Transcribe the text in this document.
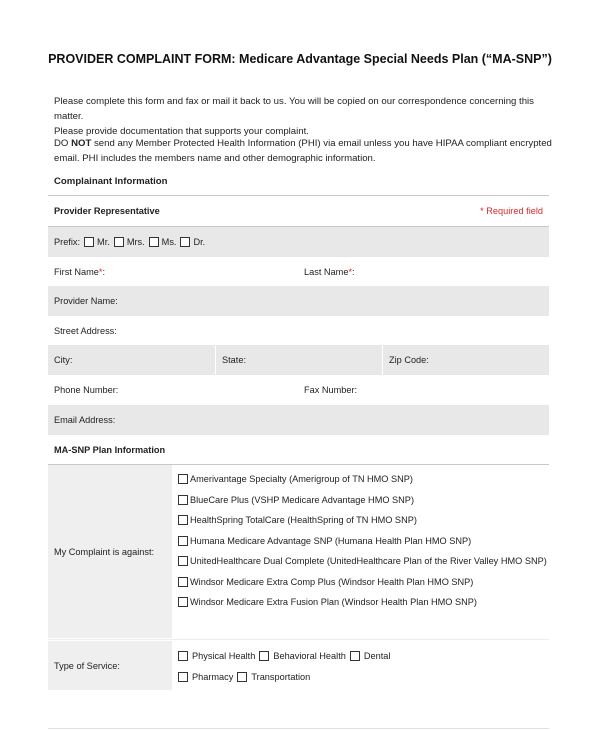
PROVIDER COMPLAINT FORM: Medicare Advantage Special Needs Plan (“MA-SNP”)
Please complete this form and fax or mail it back to us. You will be copied on our correspondence concerning this matter.
Please provide documentation that supports your complaint.
DO NOT send any Member Protected Health Information (PHI) via email unless you have HIPAA compliant encrypted
email. PHI includes the members name and other demographic information.
Complainant Information
Provider Representative	* Required field
Prefix: Mr. Mrs. Ms. Dr.
First Name * :	Last Name * :
Provider Name:
Street Address:
City:	State:	Zip Code:
Phone Number:	Fax Number:
Email Address:
MA-SNP Plan Information
My Complaint is against:
Amerivantage Specialty (Amerigroup of TN HMO SNP)
BlueCare Plus (VSHP Medicare Advantage HMO SNP)
HealthSpring TotalCare (HealthSpring of TN HMO SNP)
Humana Medicare Advantage SNP (Humana Health Plan HMO SNP)
UnitedHealthcare Dual Complete (UnitedHealthcare Plan of the River Valley HMO SNP)
Windsor Medicare Extra Comp Plus (Windsor Health Plan HMO SNP)
Windsor Medicare Extra Fusion Plan (Windsor Health Plan HMO SNP)
Type of Service:
Physical Health Behavioral Health Dental
Pharmacy Transportation
